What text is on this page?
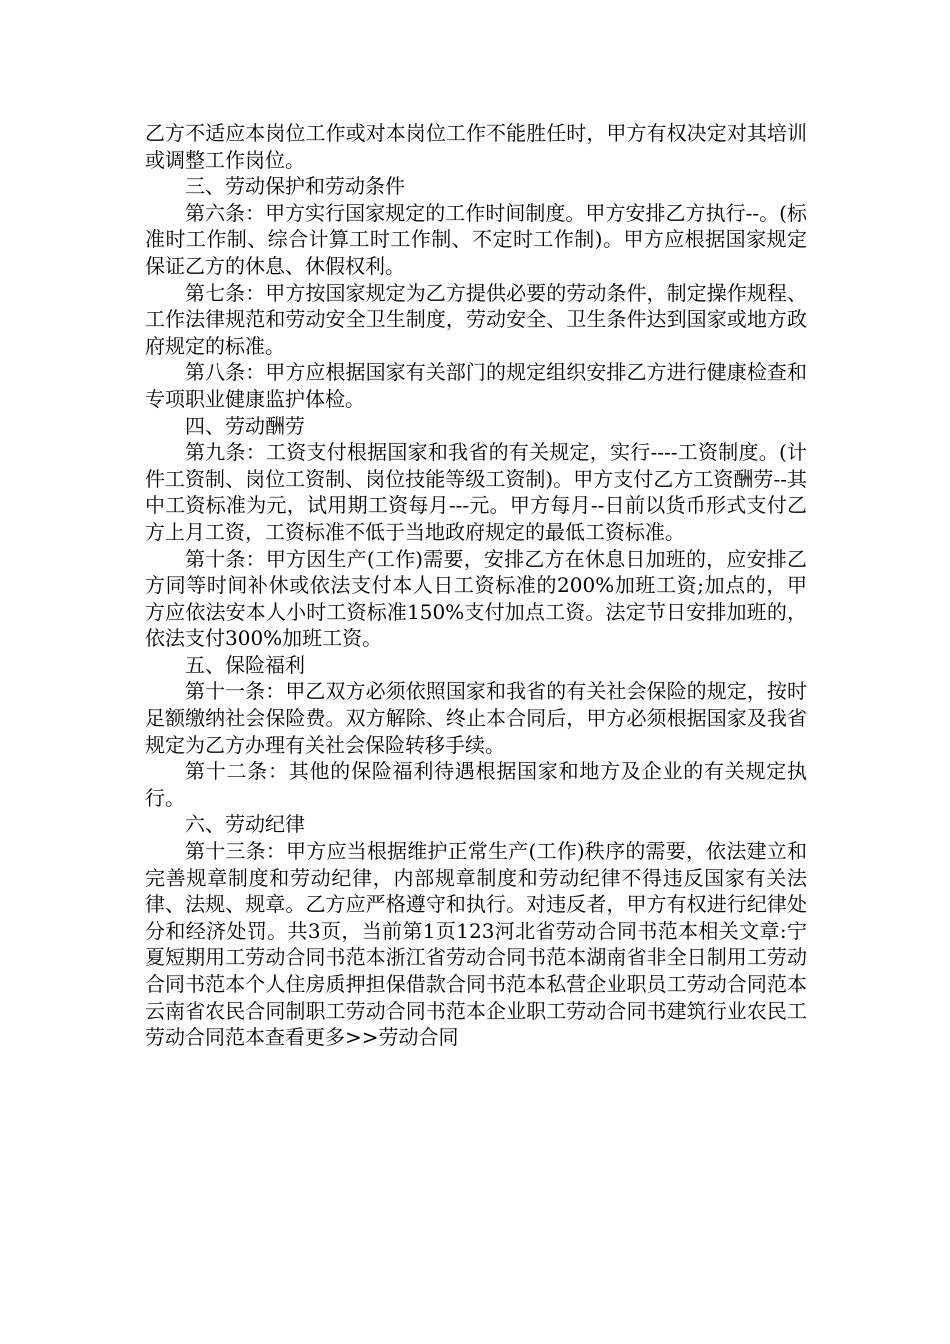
乙方不适应本岗位工作或对本岗位工作不能胜任时，甲方有权决定对其培训或调整工作岗位。

三、劳动保护和劳动条件

第六条：甲方实行国家规定的工作时间制度。甲方安排乙方执行--。(标准时工作制、综合计算工时工作制、不定时工作制)。甲方应根据国家规定保证乙方的休息、休假权利。

第七条：甲方按国家规定为乙方提供必要的劳动条件，制定操作规程、工作法律规范和劳动安全卫生制度，劳动安全、卫生条件达到国家或地方政府规定的标准。

第八条：甲方应根据国家有关部门的规定组织安排乙方进行健康检查和专项职业健康监护体检。

四、劳动酬劳

第九条：工资支付根据国家和我省的有关规定，实行----工资制度。(计件工资制、岗位工资制、岗位技能等级工资制)。甲方支付乙方工资酬劳--其中工资标准为元，试用期工资每月---元。甲方每月--日前以货币形式支付乙方上月工资，工资标准不低于当地政府规定的最低工资标准。

第十条：甲方因生产(工作)需要，安排乙方在休息日加班的，应安排乙方同等时间补休或依法支付本人日工资标准的200%加班工资;加点的，甲方应依法安本人小时工资标准150%支付加点工资。法定节日安排加班的，依法支付300%加班工资。

五、保险福利

第十一条：甲乙双方必须依照国家和我省的有关社会保险的规定，按时足额缴纳社会保险费。双方解除、终止本合同后，甲方必须根据国家及我省规定为乙方办理有关社会保险转移手续。

第十二条：其他的保险福利待遇根据国家和地方及企业的有关规定执行。

六、劳动纪律

第十三条：甲方应当根据维护正常生产(工作)秩序的需要，依法建立和完善规章制度和劳动纪律，内部规章制度和劳动纪律不得违反国家有关法律、法规、规章。乙方应严格遵守和执行。对违反者，甲方有权进行纪律处分和经济处罚。共3页，当前第1页123河北省劳动合同书范本相关文章:宁夏短期用工劳动合同书范本浙江省劳动合同书范本湖南省非全日制用工劳动合同书范本个人住房质押担保借款合同书范本私营企业职员工劳动合同范本云南省农民合同制职工劳动合同书范本企业职工劳动合同书建筑行业农民工劳动合同范本查看更多>>劳动合同
